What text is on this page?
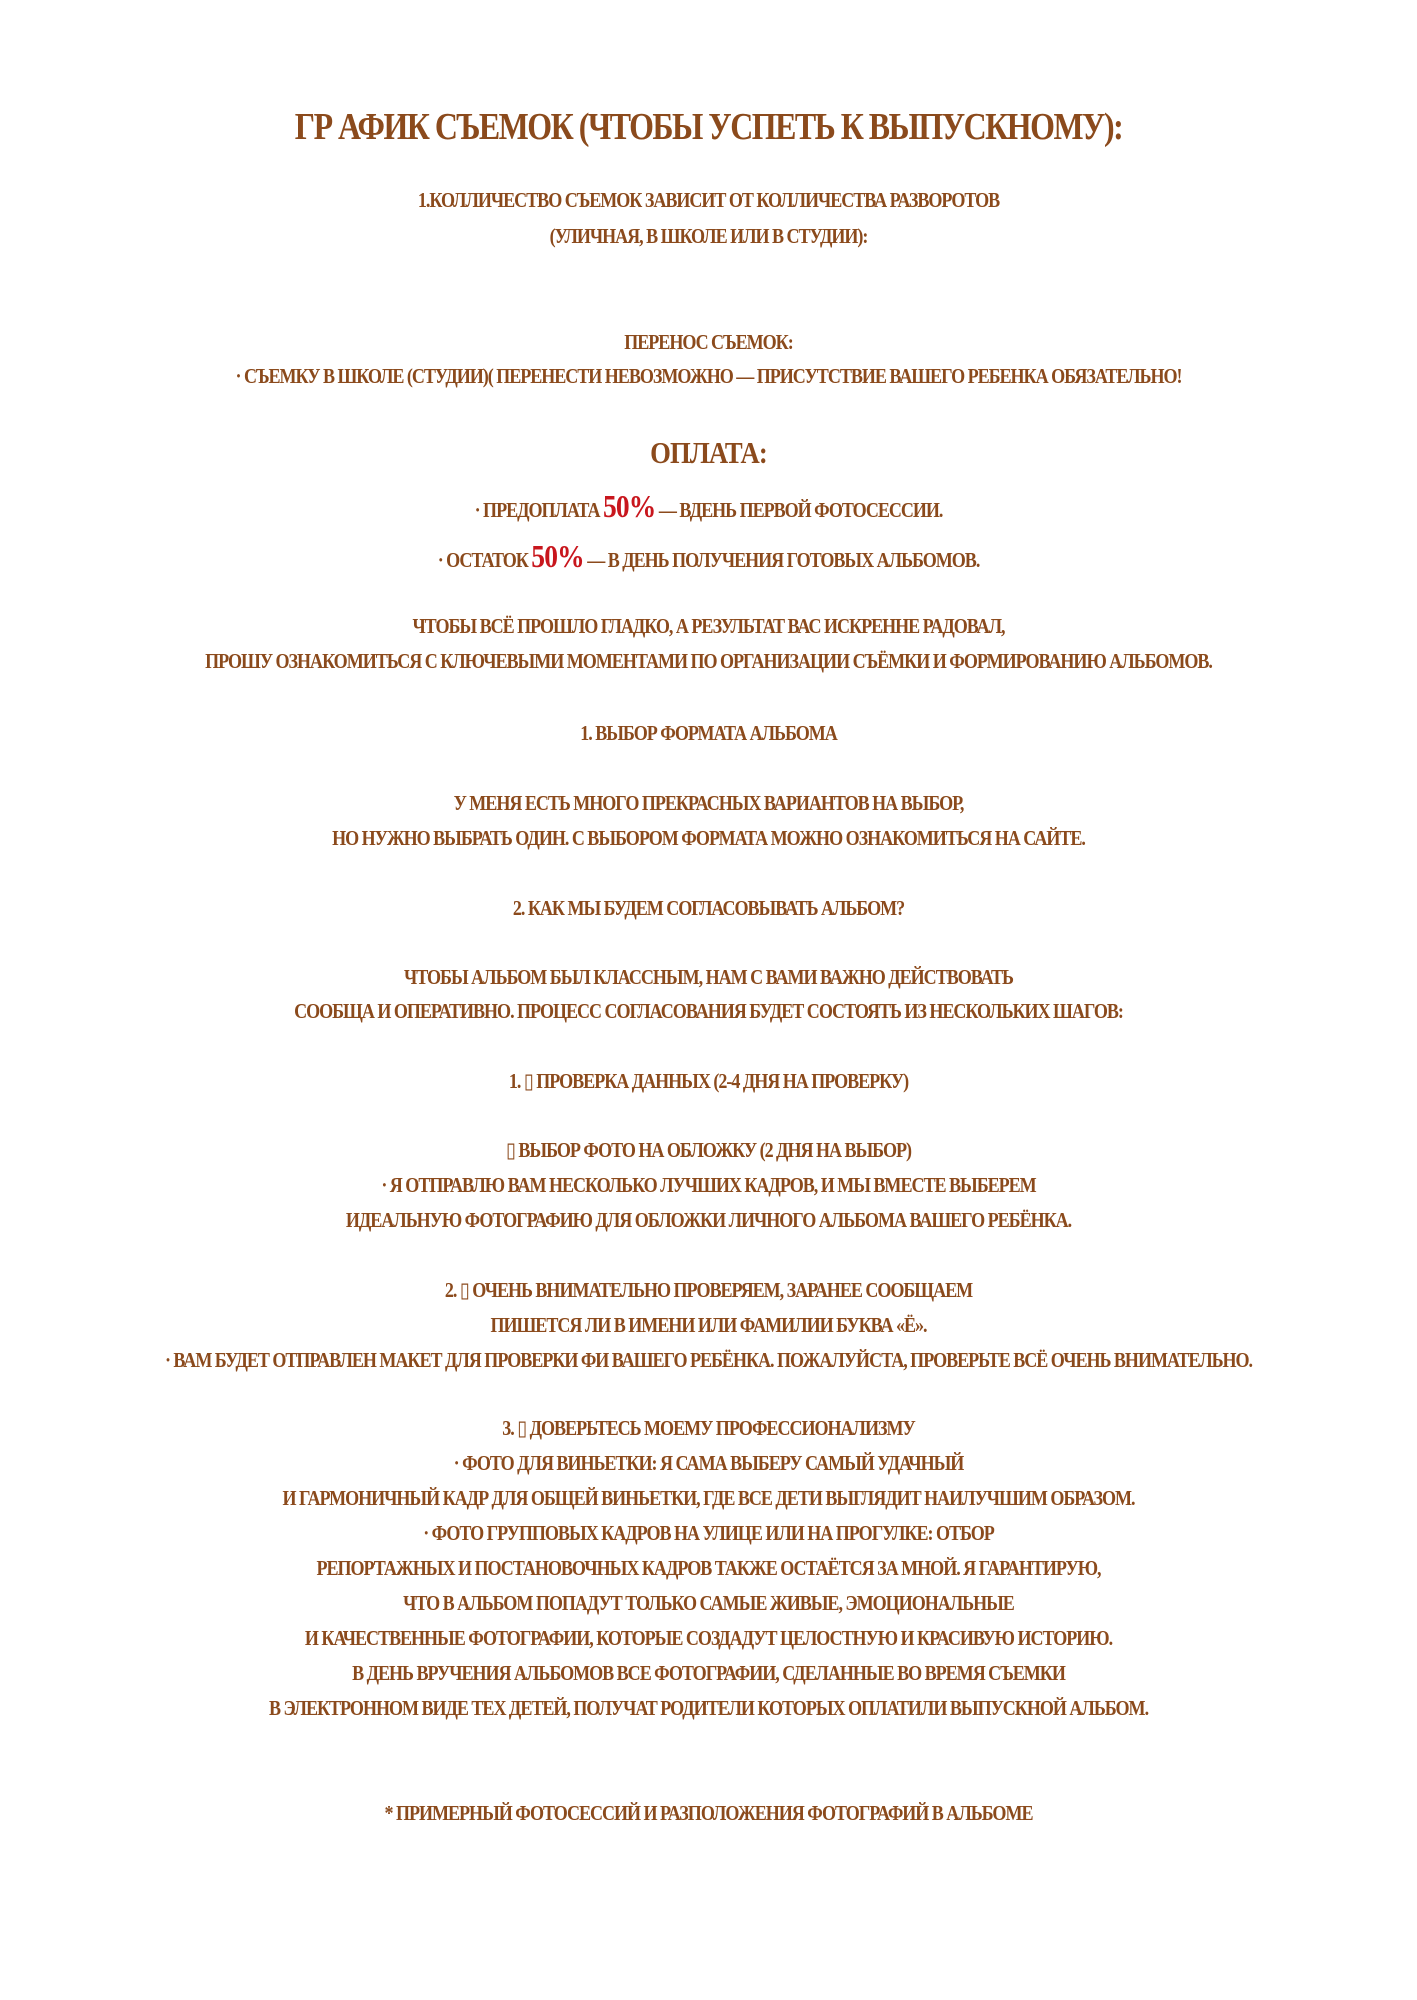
ГР АФИК СЪЕМОК (ЧТОБЫ УСПЕТЬ К ВЫПУСКНОМУ):
1.КОЛЛИЧЕСТВО СЪЕМОК ЗАВИСИТ ОТ КОЛЛИЧЕСТВА РАЗВОРОТОВ
(УЛИЧНАЯ, В ШКОЛЕ ИЛИ В СТУДИИ):
ПЕРЕНОС СЪЕМОК:
· СЪЕМКУ В ШКОЛЕ (СТУДИИ)( ПЕРЕНЕСТИ НЕВОЗМОЖНО — ПРИСУТСТВИЕ ВАШЕГО РЕБЕНКА ОБЯЗАТЕЛЬНО!
ОПЛАТА:
· ПРЕДОПЛАТА 50% — ВДЕНЬ ПЕРВОЙ ФОТОСЕССИИ.
· ОСТАТОК 50% — В ДЕНЬ ПОЛУЧЕНИЯ ГОТОВЫХ АЛЬБОМОВ.
ЧТОБЫ ВСЁ ПРОШЛО ГЛАДКО, А РЕЗУЛЬТАТ ВАС ИСКРЕННЕ РАДОВАЛ,
ПРОШУ ОЗНАКОМИТЬСЯ С КЛЮЧЕВЫМИ МОМЕНТАМИ ПО ОРГАНИЗАЦИИ СЪЁМКИ И ФОРМИРОВАНИЮ АЛЬБОМОВ.
1. ВЫБОР ФОРМАТА АЛЬБОМА
У МЕНЯ ЕСТЬ МНОГО ПРЕКРАСНЫХ ВАРИАНТОВ НА ВЫБОР,
НО НУЖНО ВЫБРАТЬ ОДИН. С ВЫБОРОМ ФОРМАТА МОЖНО ОЗНАКОМИТЬСЯ НА САЙТЕ.
2. КАК МЫ БУДЕМ СОГЛАСОВЫВАТЬ АЛЬБОМ?
ЧТОБЫ АЛЬБОМ БЫЛ КЛАССНЫМ, НАМ С ВАМИ ВАЖНО ДЕЙСТВОВАТЬ
СООБЩА И ОПЕРАТИВНО. ПРОЦЕСС СОГЛАСОВАНИЯ БУДЕТ СОСТОЯТЬ ИЗ НЕСКОЛЬКИХ ШАГОВ:
1. ▯ ПРОВЕРКА ДАННЫХ (2-4 ДНЯ НА ПРОВЕРКУ)
▯ ВЫБОР ФОТО НА ОБЛОЖКУ (2 ДНЯ НА ВЫБОР)
· Я ОТПРАВЛЮ ВАМ НЕСКОЛЬКО ЛУЧШИХ КАДРОВ, И МЫ ВМЕСТЕ ВЫБЕРЕМ
ИДЕАЛЬНУЮ ФОТОГРАФИЮ ДЛЯ ОБЛОЖКИ ЛИЧНОГО АЛЬБОМА ВАШЕГО РЕБЁНКА.
2. ▯ ОЧЕНЬ ВНИМАТЕЛЬНО ПРОВЕРЯЕМ, ЗАРАНЕЕ СООБЩАЕМ
ПИШЕТСЯ ЛИ В ИМЕНИ ИЛИ ФАМИЛИИ БУКВА «Ё».
· ВАМ БУДЕТ ОТПРАВЛЕН МАКЕТ ДЛЯ ПРОВЕРКИ ФИ ВАШЕГО РЕБЁНКА. ПОЖАЛУЙСТА, ПРОВЕРЬТЕ ВСЁ ОЧЕНЬ ВНИМАТЕЛЬНО.
3. ▯ ДОВЕРЬТЕСЬ МОЕМУ ПРОФЕССИОНАЛИЗМУ
· ФОТО ДЛЯ ВИНЬЕТКИ: Я САМА ВЫБЕРУ САМЫЙ УДАЧНЫЙ
И ГАРМОНИЧНЫЙ КАДР ДЛЯ ОБЩЕЙ ВИНЬЕТКИ, ГДЕ ВСЕ ДЕТИ ВЫГЛЯДИТ НАИЛУЧШИМ ОБРАЗОМ.
· ФОТО ГРУППОВЫХ КАДРОВ НА УЛИЦЕ ИЛИ НА ПРОГУЛКЕ: ОТБОР
РЕПОРТАЖНЫХ И ПОСТАНОВОЧНЫХ КАДРОВ ТАКЖЕ ОСТАЁТСЯ ЗА МНОЙ. Я ГАРАНТИРУЮ,
ЧТО В АЛЬБОМ ПОПАДУТ ТОЛЬКО САМЫЕ ЖИВЫЕ, ЭМОЦИОНАЛЬНЫЕ
И КАЧЕСТВЕННЫЕ ФОТОГРАФИИ, КОТОРЫЕ СОЗДАДУТ ЦЕЛОСТНУЮ И КРАСИВУЮ ИСТОРИЮ.
В ДЕНЬ ВРУЧЕНИЯ АЛЬБОМОВ ВСЕ ФОТОГРАФИИ, СДЕЛАННЫЕ ВО ВРЕМЯ СЪЕМКИ
В ЭЛЕКТРОННОМ ВИДЕ ТЕХ ДЕТЕЙ, ПОЛУЧАТ РОДИТЕЛИ КОТОРЫХ ОПЛАТИЛИ ВЫПУСКНОЙ АЛЬБОМ.
* ПРИМЕРНЫЙ ФОТОСЕССИЙ И РАЗПОЛОЖЕНИЯ ФОТОГРАФИЙ В АЛЬБОМЕ
